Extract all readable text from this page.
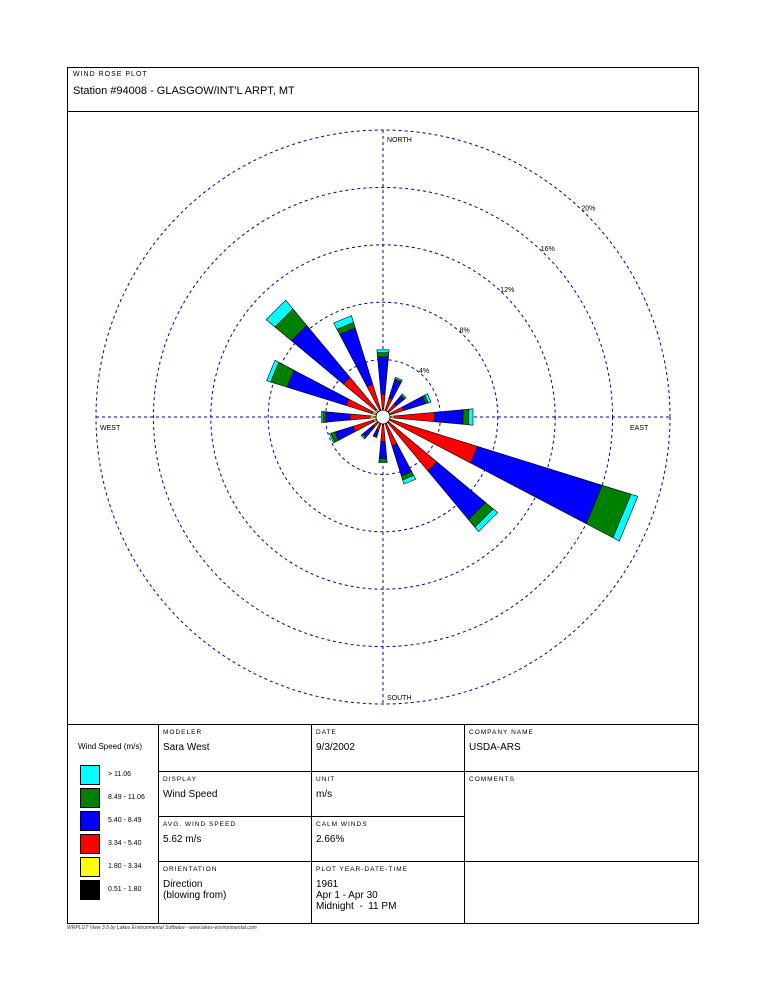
WIND ROSE PLOT
Station #94008 - GLASGOW/INT'L ARPT, MT
4%
8%
12%
16%
20%
NORTH
SOUTH
EAST
WEST
Wind Speed (m/s)
> 11.06
8.49 - 11.06
5.40 - 8.49
3.34 - 5.40
1.80 - 3.34
0.51 - 1.80
MODELER
Sara West
DATE
9/3/2002
COMPANY NAME
USDA-ARS
DISPLAY
Wind Speed
UNIT
m/s
COMMENTS
AVG. WIND SPEED
5.62 m/s
CALM WINDS
2.66%
ORIENTATION
Direction
(blowing from)
PLOT YEAR-DATE-TIME
1961
Apr 1 - Apr 30
Midnight  -  11 PM
WRPLOT View 3.5 by Lakes Environmental Software - www.lakes-environmental.com
